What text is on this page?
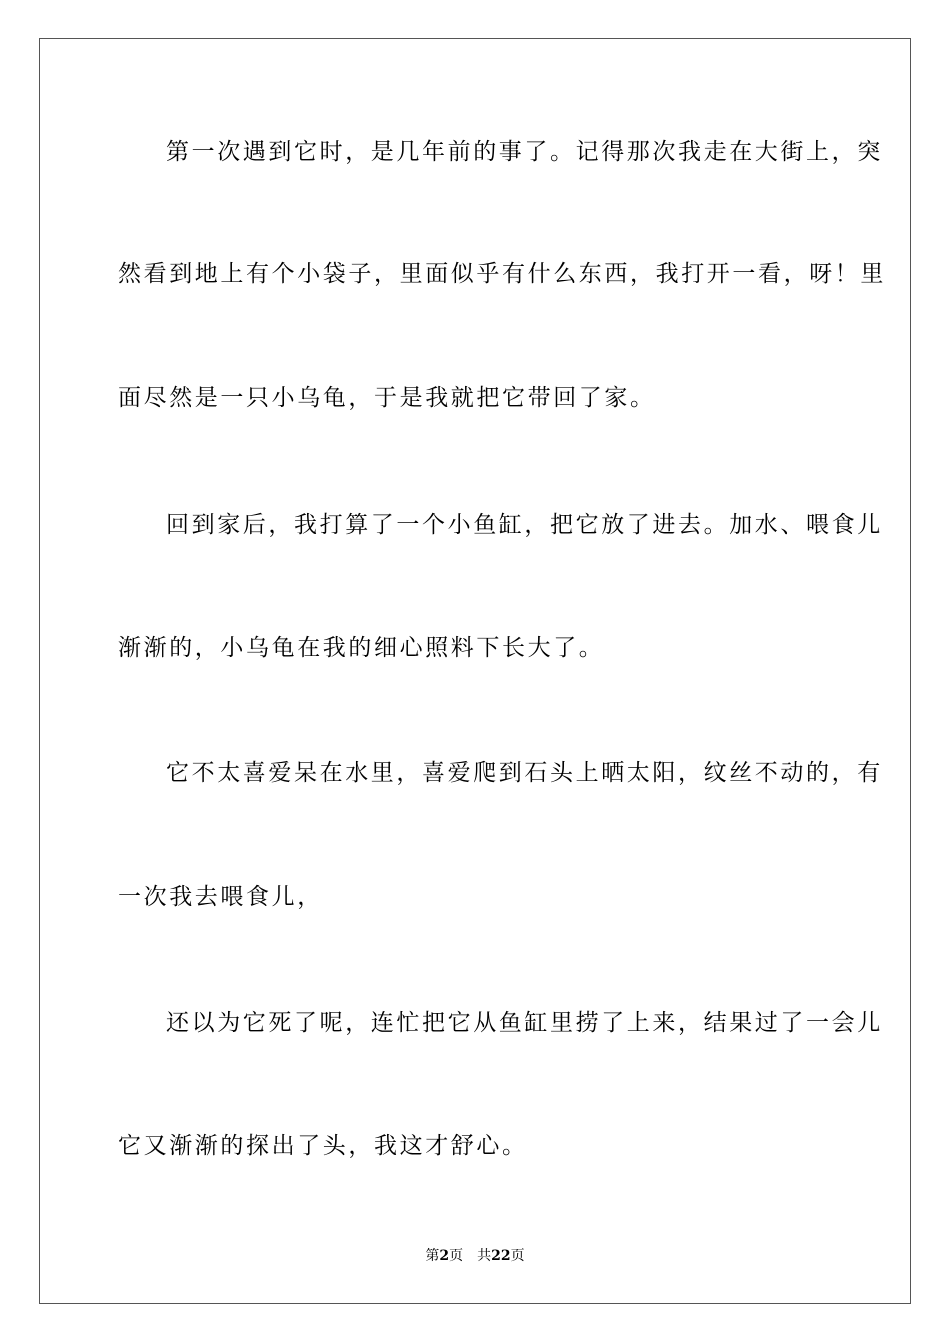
第一次遇到它时，是几年前的事了。记得那次我走在大街上，突
然看到地上有个小袋子，里面似乎有什么东西，我打开一看，呀！里
面尽然是一只小乌龟，于是我就把它带回了家。
回到家后，我打算了一个小鱼缸，把它放了进去。加水、喂食儿
渐渐的，小乌龟在我的细心照料下长大了。
它不太喜爱呆在水里，喜爱爬到石头上晒太阳，纹丝不动的，有
一次我去喂食儿，
还以为它死了呢，连忙把它从鱼缸里捞了上来，结果过了一会儿
它又渐渐的探出了头，我这才舒心。
第2页 共22页
